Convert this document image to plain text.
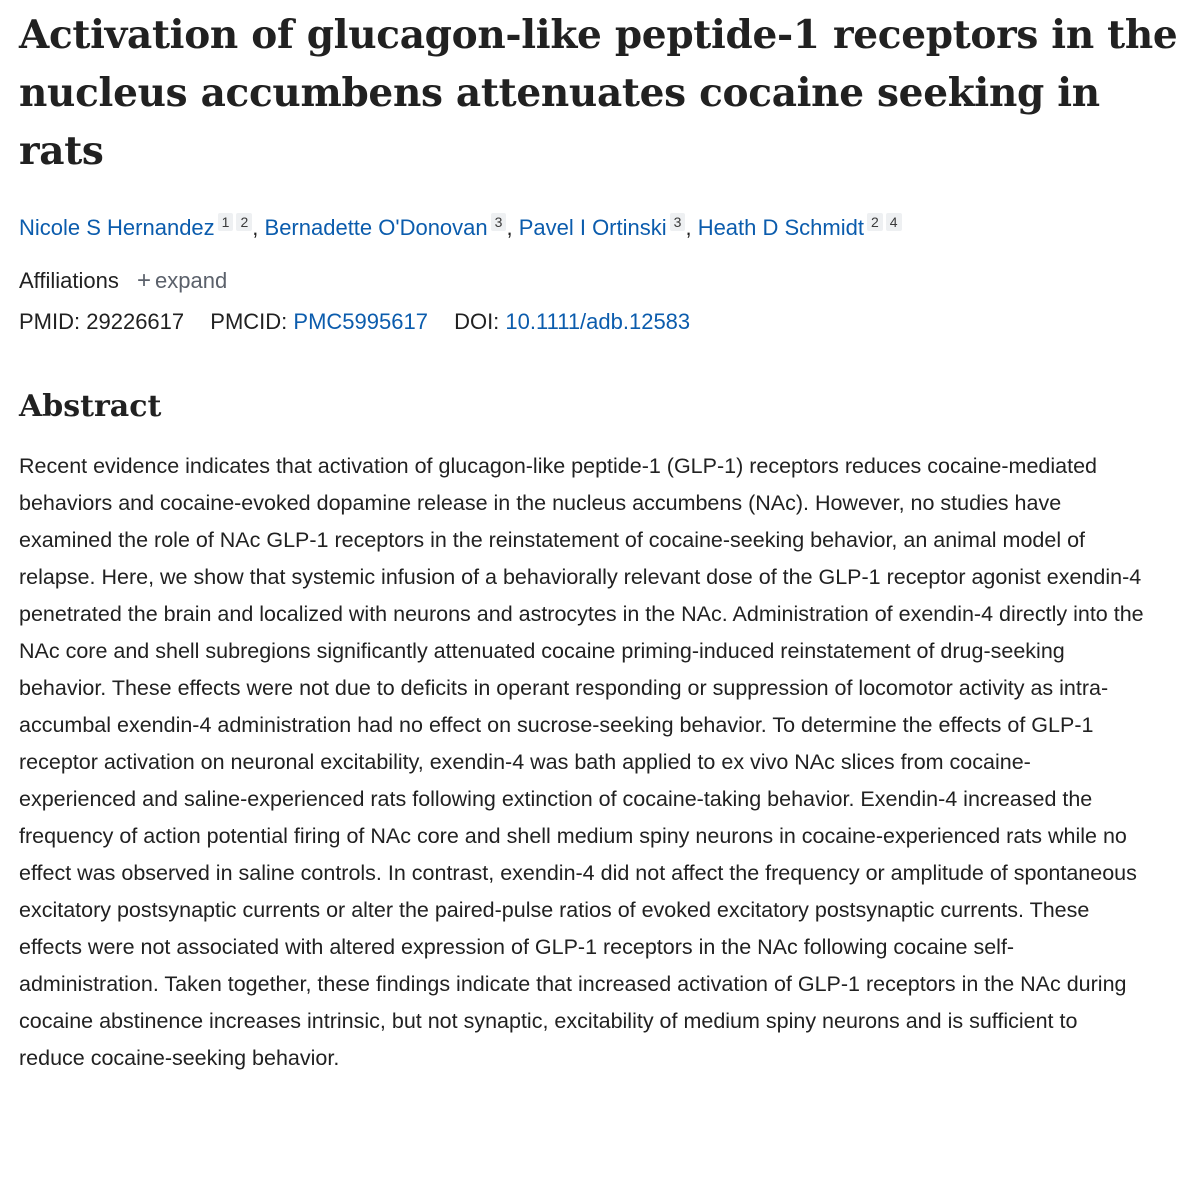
Activation of glucagon-like peptide-1 receptors in the nucleus accumbens attenuates cocaine seeking in rats
Nicole S Hernandez 1 2 , Bernadette O'Donovan 3 , Pavel I Ortinski 3 , Heath D Schmidt 2 4
Affiliations + expand
PMID: 29226617 PMCID: PMC5995617 DOI: 10.1111/adb.12583
Abstract

Recent evidence indicates that activation of glucagon-like peptide-1 (GLP-1) receptors reduces cocaine-mediated behaviors and cocaine-evoked dopamine release in the nucleus accumbens (NAc). However, no studies have examined the role of NAc GLP-1 receptors in the reinstatement of cocaine-seeking behavior, an animal model of relapse. Here, we show that systemic infusion of a behaviorally relevant dose of the GLP-1 receptor agonist exendin-4 penetrated the brain and localized with neurons and astrocytes in the NAc. Administration of exendin-4 directly into the NAc core and shell subregions significantly attenuated cocaine priming-induced reinstatement of drug-seeking behavior. These effects were not due to deficits in operant responding or suppression of locomotor activity as intra-accumbal exendin-4 administration had no effect on sucrose-seeking behavior. To determine the effects of GLP-1 receptor activation on neuronal excitability, exendin-4 was bath applied to ex vivo NAc slices from cocaine-experienced and saline-experienced rats following extinction of cocaine-taking behavior. Exendin-4 increased the frequency of action potential firing of NAc core and shell medium spiny neurons in cocaine-experienced rats while no effect was observed in saline controls. In contrast, exendin-4 did not affect the frequency or amplitude of spontaneous excitatory postsynaptic currents or alter the paired-pulse ratios of evoked excitatory postsynaptic currents. These effects were not associated with altered expression of GLP-1 receptors in the NAc following cocaine self-administration. Taken together, these findings indicate that increased activation of GLP-1 receptors in the NAc during cocaine abstinence increases intrinsic, but not synaptic, excitability of medium spiny neurons and is sufficient to reduce cocaine-seeking behavior.
